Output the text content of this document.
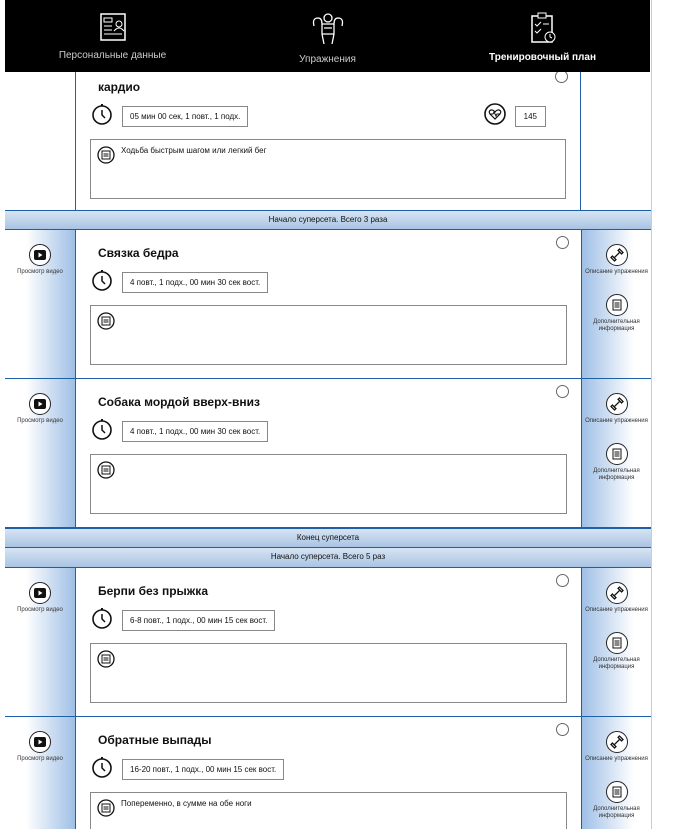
Персональные данные	Упражнения	Тренировочный план
кардио
05 мин 00 сек, 1 повт., 1 подх.	145
Ходьба быстрым шагом или легкий бег
Начало суперсета. Всего 3 раза
Просмотр видео
Связка бедра
4 повт., 1 подх., 00 мин 30 сек вост.
Описание упражнения
Дополнительная информация
Просмотр видео
Собака мордой вверх-вниз
4 повт., 1 подх., 00 мин 30 сек вост.
Описание упражнения
Дополнительная информация
Конец суперсета
Начало суперсета. Всего 5 раз
Просмотр видео
Берпи без прыжка
6-8 повт., 1 подх., 00 мин 15 сек вост.
Описание упражнения
Дополнительная информация
Просмотр видео
Обратные выпады
16-20 повт., 1 подх., 00 мин 15 сек вост.
Попеременно, в сумме на обе ноги
Описание упражнения
Дополнительная информация
